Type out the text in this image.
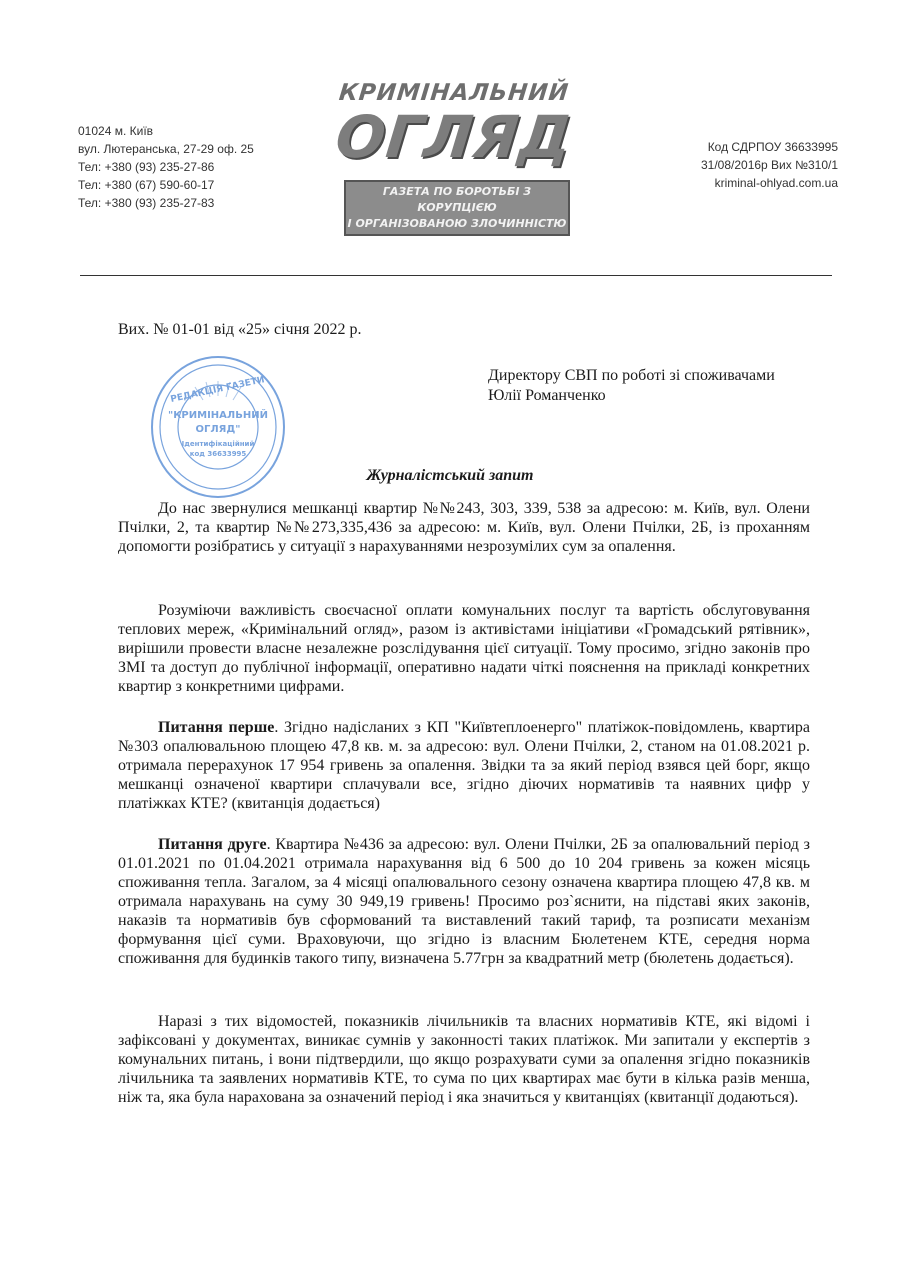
01024 м. Київ
вул. Лютеранська, 27-29 оф. 25
Тел: +380 (93) 235-27-86
Тел: +380 (67) 590-60-17
Тел: +380 (93) 235-27-83
КРИМІНАЛЬНИЙ
ОГЛЯД
ГАЗЕТА ПО БОРОТЬБІ З КОРУПЦІЄЮ
І ОРГАНІЗОВАНОЮ ЗЛОЧИННІСТЮ
Код СДРПОУ 36633995
31/08/2016р Вих №310/1
kriminal-ohlyad.com.ua
РЕДАКЦІЯ ГАЗЕТИ
"КРИМІНАЛЬНИЙ
ОГЛЯД"
Ідентифікаційний
код 36633995
Вих. № 01-01 від «25» січня 2022 р.
Директору СВП по роботі зі споживачами
Юлії Романченко
Журналістський запит
До нас звернулися мешканці квартир №№243, 303, 339, 538 за адресою: м. Київ, вул. Олени Пчілки, 2, та квартир №№273,335,436 за адресою: м. Київ, вул. Олени Пчілки, 2Б, із проханням допомогти розібратись у ситуації з нарахуваннями незрозумілих сум за опалення.
Розуміючи важливість своєчасної оплати комунальних послуг та вартість обслуговування теплових мереж, «Кримінальний огляд», разом із активістами ініціативи «Громадський рятівник», вирішили провести власне незалежне розслідування цієї ситуації. Тому просимо, згідно законів про ЗМІ та доступ до публічної інформації, оперативно надати чіткі пояснення на прикладі конкретних квартир з конкретними цифрами.
Питання перше. Згідно надісланих з КП "Київтеплоенерго" платіжок-повідомлень, квартира №303 опалювальною площею 47,8 кв. м. за адресою: вул. Олени Пчілки, 2, станом на 01.08.2021 р. отримала перерахунок 17 954 гривень за опалення. Звідки та за який період взявся цей борг, якщо мешканці означеної квартири сплачували все, згідно діючих нормативів та наявних цифр у платіжках КТЕ? (квитанція додається)
Питання друге. Квартира №436 за адресою: вул. Олени Пчілки, 2Б за опалювальний період з 01.01.2021 по 01.04.2021 отримала нарахування від 6 500 до 10 204 гривень за кожен місяць споживання тепла. Загалом, за 4 місяці опалювального сезону означена квартира площею 47,8 кв. м отримала нарахувань на суму 30 949,19 гривень! Просимо роз`яснити, на підставі яких законів, наказів та нормативів був сформований та виставлений такий тариф, та розписати механізм формування цієї суми. Враховуючи, що згідно із власним Бюлетенем КТЕ, середня норма споживання для будинків такого типу, визначена 5.77грн за квадратний метр (бюлетень додається).
Наразі з тих відомостей, показників лічильників та власних нормативів КТЕ, які відомі і зафіксовані у документах, виникає сумнів у законності таких платіжок. Ми запитали у експертів з комунальних питань, і вони підтвердили, що якщо розрахувати суми за опалення згідно показників лічильника та заявлених нормативів КТЕ, то сума по цих квартирах має бути в кілька разів менша, ніж та, яка була нарахована за означений період і яка значиться у квитанціях (квитанції додаються).
